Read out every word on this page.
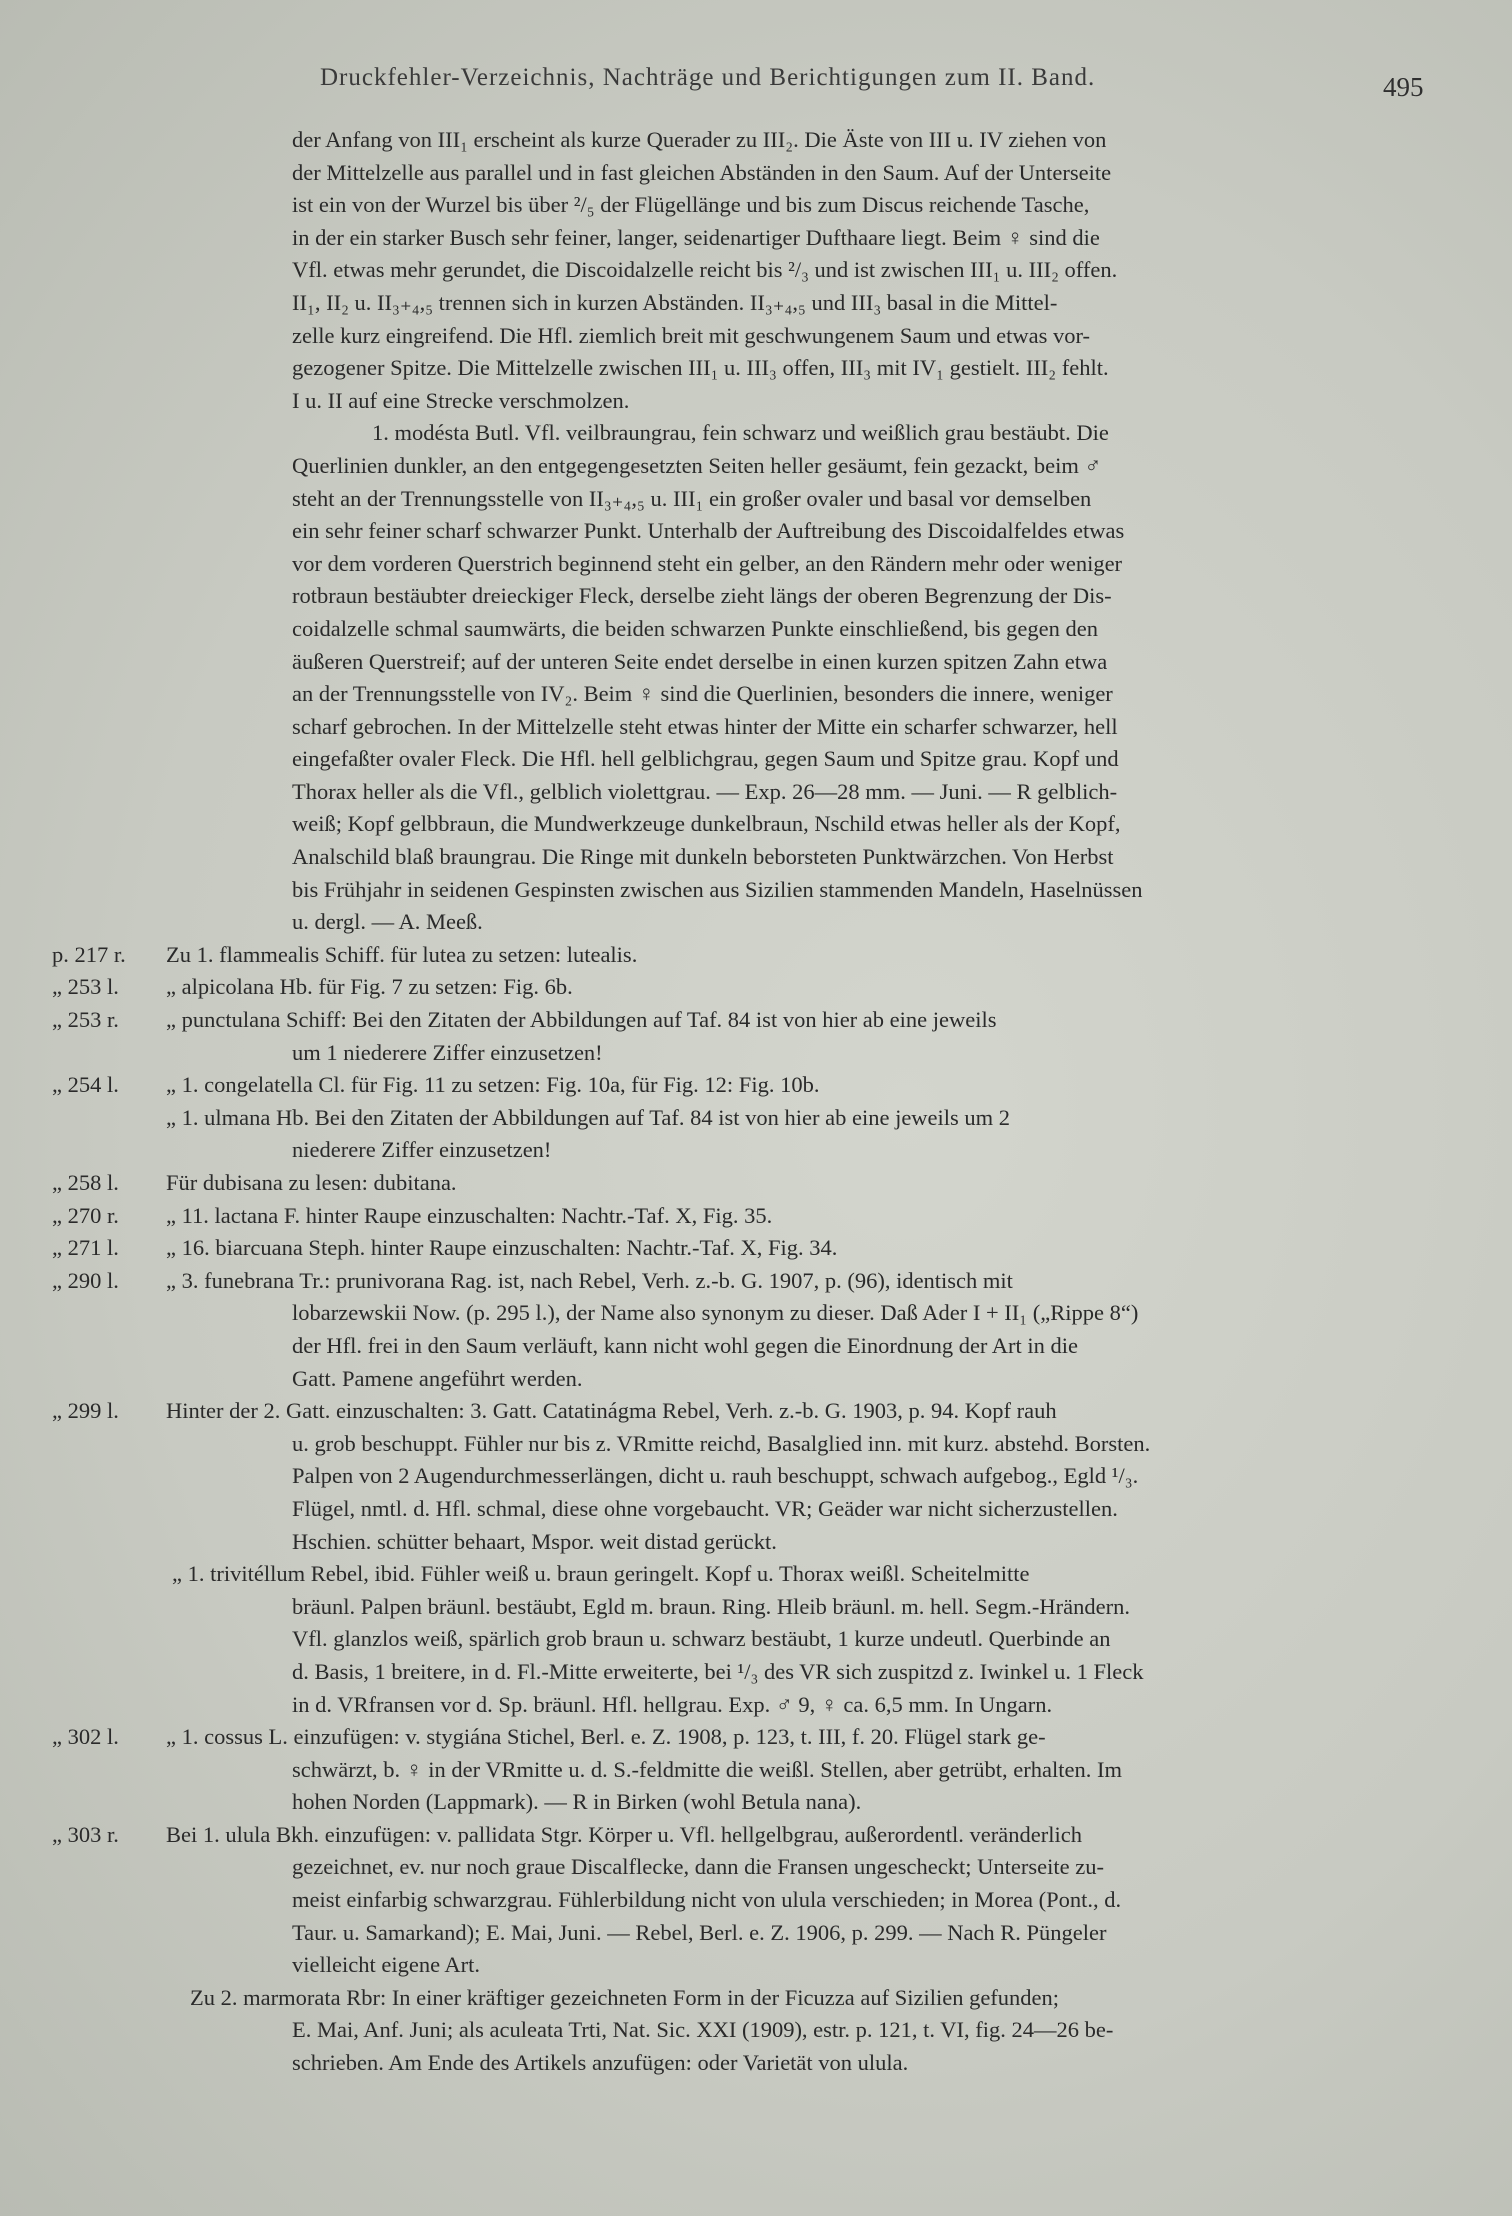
Druckfehler-Verzeichnis, Nachträge und Berichtigungen zum II. Band.	495
der Anfang von III₁ erscheint als kurze Querader zu III₂. Die Äste von III u. IV ziehen von
der Mittelzelle aus parallel und in fast gleichen Abständen in den Saum. Auf der Unterseite
ist ein von der Wurzel bis über ²/₅ der Flügellänge und bis zum Discus reichende Tasche,
in der ein starker Busch sehr feiner, langer, seidenartiger Dufthaare liegt. Beim ♀ sind die
Vfl. etwas mehr gerundet, die Discoidalzelle reicht bis ²/₃ und ist zwischen III₁ u. III₂ offen.
II₁, II₂ u. II₃₊₄,₅ trennen sich in kurzen Abständen. II₃₊₄,₅ und III₃ basal in die Mittel-
zelle kurz eingreifend. Die Hfl. ziemlich breit mit geschwungenem Saum und etwas vor-
gezogener Spitze. Die Mittelzelle zwischen III₁ u. III₃ offen, III₃ mit IV₁ gestielt. III₂ fehlt.
I u. II auf eine Strecke verschmolzen.
1. modésta Butl. Vfl. veilbraungrau, fein schwarz und weißlich grau bestäubt. Die
Querlinien dunkler, an den entgegengesetzten Seiten heller gesäumt, fein gezackt, beim ♂
steht an der Trennungsstelle von II₃₊₄,₅ u. III₁ ein großer ovaler und basal vor demselben
ein sehr feiner scharf schwarzer Punkt. Unterhalb der Auftreibung des Discoidalfeldes etwas
vor dem vorderen Querstrich beginnend steht ein gelber, an den Rändern mehr oder weniger
rotbraun bestäubter dreieckiger Fleck, derselbe zieht längs der oberen Begrenzung der Dis-
coidalzelle schmal saumwärts, die beiden schwarzen Punkte einschließend, bis gegen den
äußeren Querstreif; auf der unteren Seite endet derselbe in einen kurzen spitzen Zahn etwa
an der Trennungsstelle von IV₂. Beim ♀ sind die Querlinien, besonders die innere, weniger
scharf gebrochen. In der Mittelzelle steht etwas hinter der Mitte ein scharfer schwarzer, hell
eingefaßter ovaler Fleck. Die Hfl. hell gelblichgrau, gegen Saum und Spitze grau. Kopf und
Thorax heller als die Vfl., gelblich violettgrau. — Exp. 26—28 mm. — Juni. — R gelblich-
weiß; Kopf gelbbraun, die Mundwerkzeuge dunkelbraun, Nschild etwas heller als der Kopf,
Analschild blaß braungrau. Die Ringe mit dunkeln beborsteten Punktwärzchen. Von Herbst
bis Frühjahr in seidenen Gespinsten zwischen aus Sizilien stammenden Mandeln, Haselnüssen
u. dergl. — A. Meeß.
p. 217 r. Zu 1. flammealis Schiff. für lutea zu setzen: lutealis.
„ 253 l. „ alpicolana Hb. für Fig. 7 zu setzen: Fig. 6b.
„ 253 r. „ punctulana Schiff: Bei den Zitaten der Abbildungen auf Taf. 84 ist von hier ab eine jeweils
um 1 niederere Ziffer einzusetzen!
„ 254 l. „ 1. congelatella Cl. für Fig. 11 zu setzen: Fig. 10a, für Fig. 12: Fig. 10b.
„ 1. ulmana Hb. Bei den Zitaten der Abbildungen auf Taf. 84 ist von hier ab eine jeweils um 2
niederere Ziffer einzusetzen!
„ 258 l. Für dubisana zu lesen: dubitana.
„ 270 r. „ 11. lactana F. hinter Raupe einzuschalten: Nachtr.-Taf. X, Fig. 35.
„ 271 l. „ 16. biarcuana Steph. hinter Raupe einzuschalten: Nachtr.-Taf. X, Fig. 34.
„ 290 l. „ 3. funebrana Tr.: prunivorana Rag. ist, nach Rebel, Verh. z.-b. G. 1907, p. (96), identisch mit
lobarzewskii Now. (p. 295 l.), der Name also synonym zu dieser. Daß Ader I + II₁ („Rippe 8“)
der Hfl. frei in den Saum verläuft, kann nicht wohl gegen die Einordnung der Art in die
Gatt. Pamene angeführt werden.
„ 299 l. Hinter der 2. Gatt. einzuschalten: 3. Gatt. Catatinágma Rebel, Verh. z.-b. G. 1903, p. 94. Kopf rauh
u. grob beschuppt. Fühler nur bis z. VRmitte reichd, Basalglied inn. mit kurz. abstehd. Borsten.
Palpen von 2 Augendurchmesserlängen, dicht u. rauh beschuppt, schwach aufgebog., Egld ¹/₃.
Flügel, nmtl. d. Hfl. schmal, diese ohne vorgebaucht. VR; Geäder war nicht sicherzustellen.
Hschien. schütter behaart, Mspor. weit distad gerückt.
„ 1. trivitéllum Rebel, ibid. Fühler weiß u. braun geringelt. Kopf u. Thorax weißl. Scheitelmitte
bräunl. Palpen bräunl. bestäubt, Egld m. braun. Ring. Hleib bräunl. m. hell. Segm.-Hrändern.
Vfl. glanzlos weiß, spärlich grob braun u. schwarz bestäubt, 1 kurze undeutl. Querbinde an
d. Basis, 1 breitere, in d. Fl.-Mitte erweiterte, bei ¹/₃ des VR sich zuspitzd z. Iwinkel u. 1 Fleck
in d. VRfransen vor d. Sp. bräunl. Hfl. hellgrau. Exp. ♂ 9, ♀ ca. 6,5 mm. In Ungarn.
„ 302 l. „ 1. cossus L. einzufügen: v. stygiána Stichel, Berl. e. Z. 1908, p. 123, t. III, f. 20. Flügel stark ge-
schwärzt, b. ♀ in der VRmitte u. d. S.-feldmitte die weißl. Stellen, aber getrübt, erhalten. Im
hohen Norden (Lappmark). — R in Birken (wohl Betula nana).
„ 303 r. Bei 1. ulula Bkh. einzufügen: v. pallidata Stgr. Körper u. Vfl. hellgelbgrau, außerordentl. veränderlich
gezeichnet, ev. nur noch graue Discalflecke, dann die Fransen ungescheckt; Unterseite zu-
meist einfarbig schwarzgrau. Fühlerbildung nicht von ulula verschieden; in Morea (Pont., d.
Taur. u. Samarkand); E. Mai, Juni. — Rebel, Berl. e. Z. 1906, p. 299. — Nach R. Püngeler
vielleicht eigene Art.
Zu 2. marmorata Rbr: In einer kräftiger gezeichneten Form in der Ficuzza auf Sizilien gefunden;
E. Mai, Anf. Juni; als aculeata Trti, Nat. Sic. XXI (1909), estr. p. 121, t. VI, fig. 24—26 be-
schrieben. Am Ende des Artikels anzufügen: oder Varietät von ulula.
